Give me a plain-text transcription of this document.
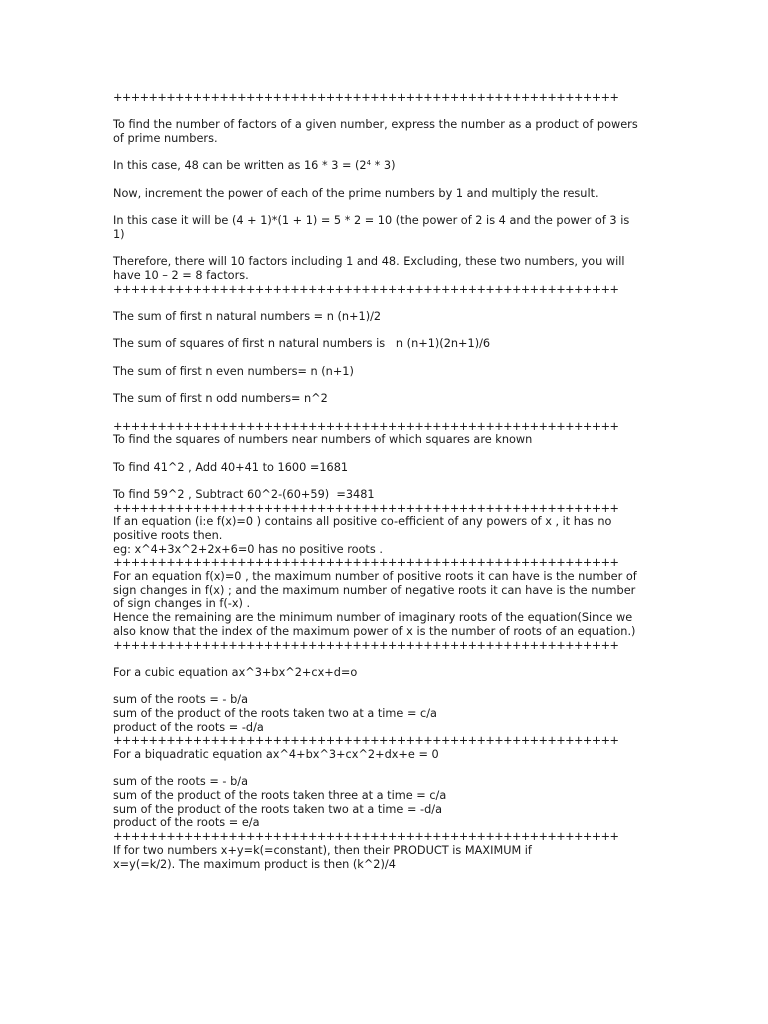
+++++++++++++++++++++++++++++++++++++++++++++++++++++++++
To find the number of factors of a given number, express the number as a product of powers
of prime numbers.
In this case, 48 can be written as $16 * 3 = (2^4 * 3)$
Now, increment the power of each of the prime numbers by 1 and multiply the result.
In this case it will be (4 + 1)*(1 + 1) = 5 * 2 = 10 (the power of 2 is 4 and the power of 3 is
1)
Therefore, there will 10 factors including 1 and 48. Excluding, these two numbers, you will
have 10 – 2 = 8 factors.
+++++++++++++++++++++++++++++++++++++++++++++++++++++++++
The sum of first n natural numbers = n (n+1)/2
The sum of squares of first n natural numbers is   n (n+1)(2n+1)/6
The sum of first n even numbers= n (n+1)
The sum of first n odd numbers= n^2
+++++++++++++++++++++++++++++++++++++++++++++++++++++++++
To find the squares of numbers near numbers of which squares are known
To find 41^2 , Add 40+41 to 1600 =1681
To find 59^2 , Subtract 60^2-(60+59)  =3481
+++++++++++++++++++++++++++++++++++++++++++++++++++++++++
If an equation (i:e f(x)=0 ) contains all positive co-efficient of any powers of x , it has no
positive roots then.
eg: x^4+3x^2+2x+6=0 has no positive roots .
+++++++++++++++++++++++++++++++++++++++++++++++++++++++++
For an equation f(x)=0 , the maximum number of positive roots it can have is the number of
sign changes in f(x) ; and the maximum number of negative roots it can have is the number
of sign changes in f(-x) .
Hence the remaining are the minimum number of imaginary roots of the equation(Since we
also know that the index of the maximum power of x is the number of roots of an equation.)
+++++++++++++++++++++++++++++++++++++++++++++++++++++++++
For a cubic equation ax^3+bx^2+cx+d=o
sum of the roots = - b/a
sum of the product of the roots taken two at a time = c/a
product of the roots = -d/a
+++++++++++++++++++++++++++++++++++++++++++++++++++++++++
For a biquadratic equation ax^4+bx^3+cx^2+dx+e = 0
sum of the roots = - b/a
sum of the product of the roots taken three at a time = c/a
sum of the product of the roots taken two at a time = -d/a
product of the roots = e/a
+++++++++++++++++++++++++++++++++++++++++++++++++++++++++
If for two numbers x+y=k(=constant), then their PRODUCT is MAXIMUM if
x=y(=k/2). The maximum product is then (k^2)/4
